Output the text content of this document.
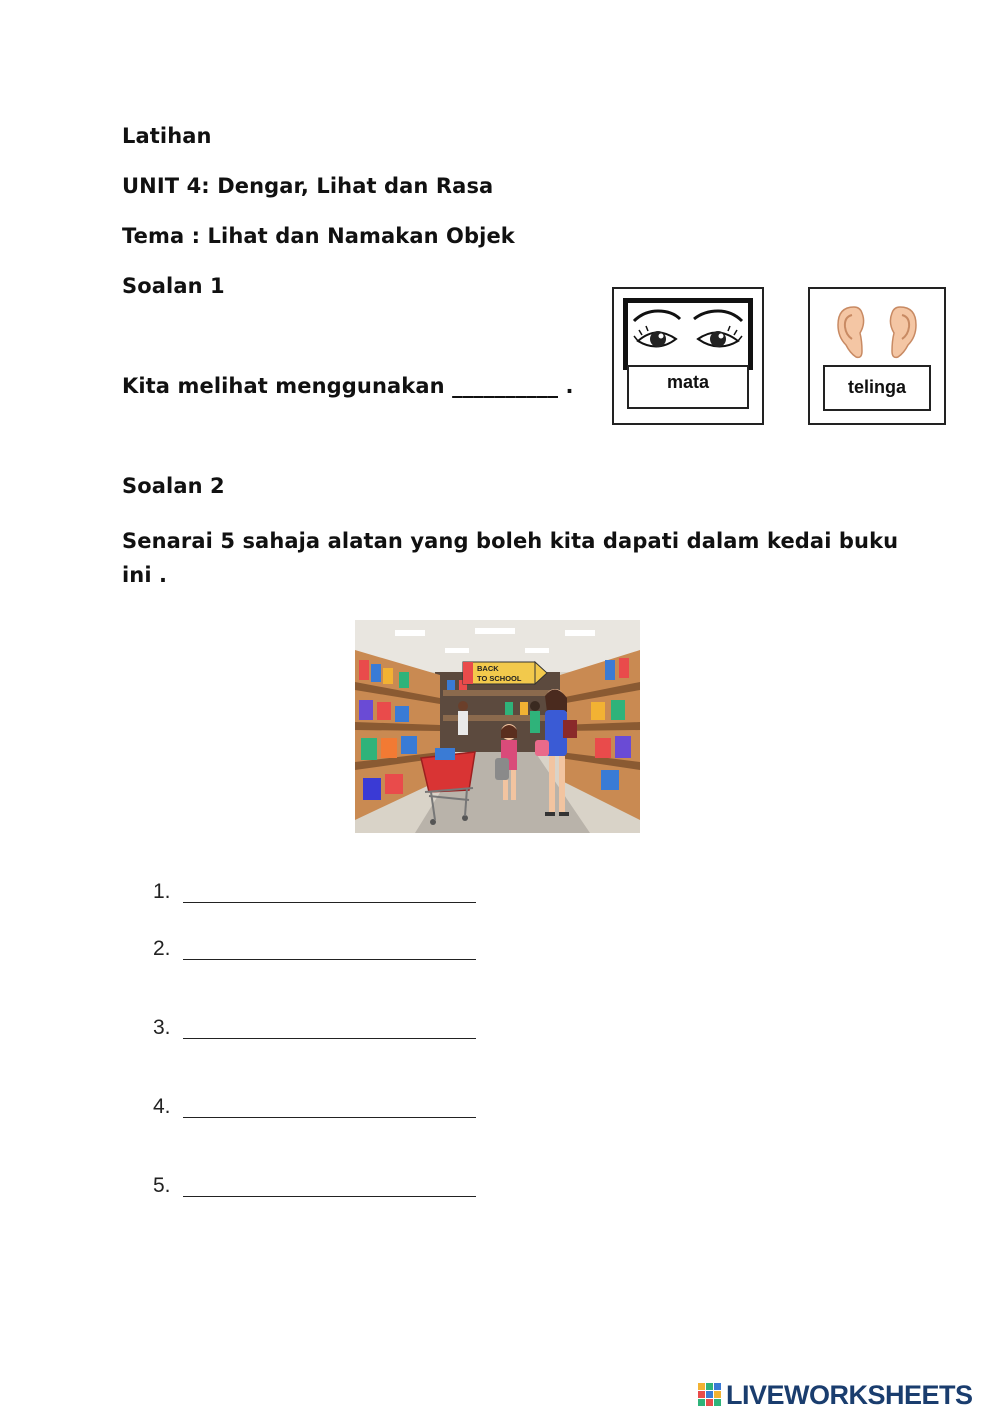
Latihan
UNIT 4: Dengar, Lihat dan Rasa
Tema : Lihat dan Namakan Objek
Soalan 1
Kita melihat menggunakan __________ .	mata	telinga
Soalan 2
Senarai 5 sahaja alatan yang boleh kita dapati dalam kedai buku ini .
BACK
TO SCHOOL
1.
2.
3.
4.
5.
LIVEWORKSHEETS
